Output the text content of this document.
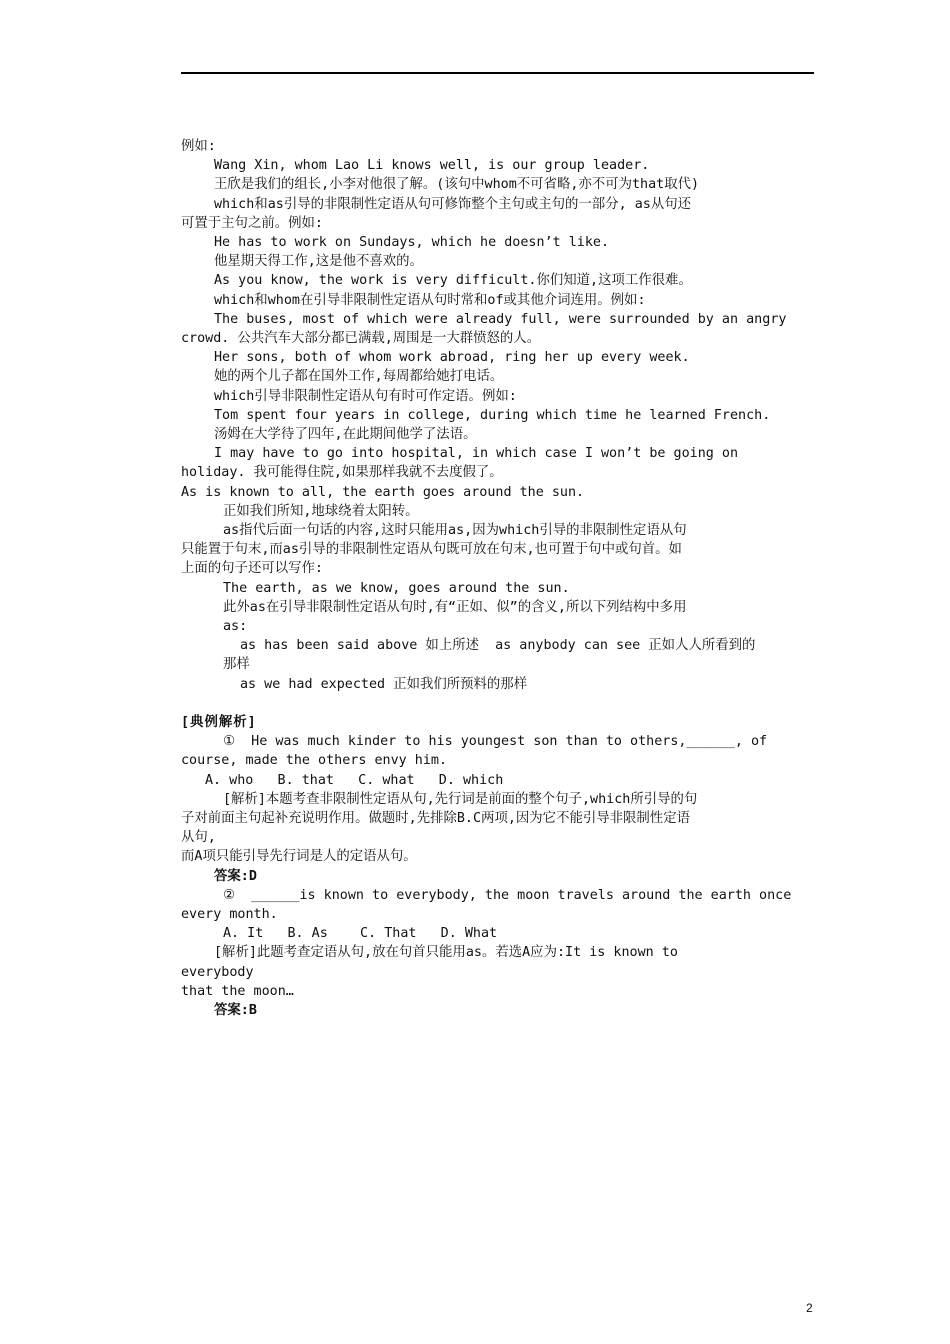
例如:

Wang Xin, whom Lao Li knows well, is our group leader.

王欣是我们的组长,小李对他很了解。(该句中whom不可省略,亦不可为that取代)

which和as引导的非限制性定语从句可修饰整个主句或主句的一部分, as从句还

可置于主句之前。例如:

He has to work on Sundays, which he doesn’t like.

他星期天得工作,这是他不喜欢的。

As you know, the work is very difficult.你们知道,这项工作很难。

which和whom在引导非限制性定语从句时常和of或其他介词连用。例如:

The buses, most of which were already full, were surrounded by an angry

crowd. 公共汽车大部分都已满载,周围是一大群愤怒的人。

Her sons, both of whom work abroad, ring her up every week.

她的两个儿子都在国外工作,每周都给她打电话。

which引导非限制性定语从句有时可作定语。例如:

Tom spent four years in college, during which time he learned French.

汤姆在大学待了四年,在此期间他学了法语。

I may have to go into hospital, in which case I won’t be going on

holiday. 我可能得住院,如果那样我就不去度假了。

As is known to all, the earth goes around the sun.

正如我们所知,地球绕着太阳转。

as指代后面一句话的内容,这时只能用as,因为which引导的非限制性定语从句

只能置于句末,而as引导的非限制性定语从句既可放在句末,也可置于句中或句首。如

上面的句子还可以写作:

The earth, as we know, goes around the sun.

此外as在引导非限制性定语从句时,有“正如、似”的含义,所以下列结构中多用

as:

as has been said above 如上所述  as anybody can see 正如人人所看到的

那样

as we had expected 正如我们所预料的那样

[典例解析]

①  He was much kinder to his youngest son than to others,______, of

course, made the others envy him.

A. who   B. that   C. what   D. which

[解析]本题考查非限制性定语从句,先行词是前面的整个句子,which所引导的句

子对前面主句起补充说明作用。做题时,先排除B.C两项,因为它不能引导非限制性定语

从句,

而A项只能引导先行词是人的定语从句。

答案:D

②  ______is known to everybody, the moon travels around the earth once

every month.

A. It   B. As    C. That   D. What

[解析]此题考查定语从句,放在句首只能用as。若选A应为:It is known to

everybody

that the moon…

答案:B

2
